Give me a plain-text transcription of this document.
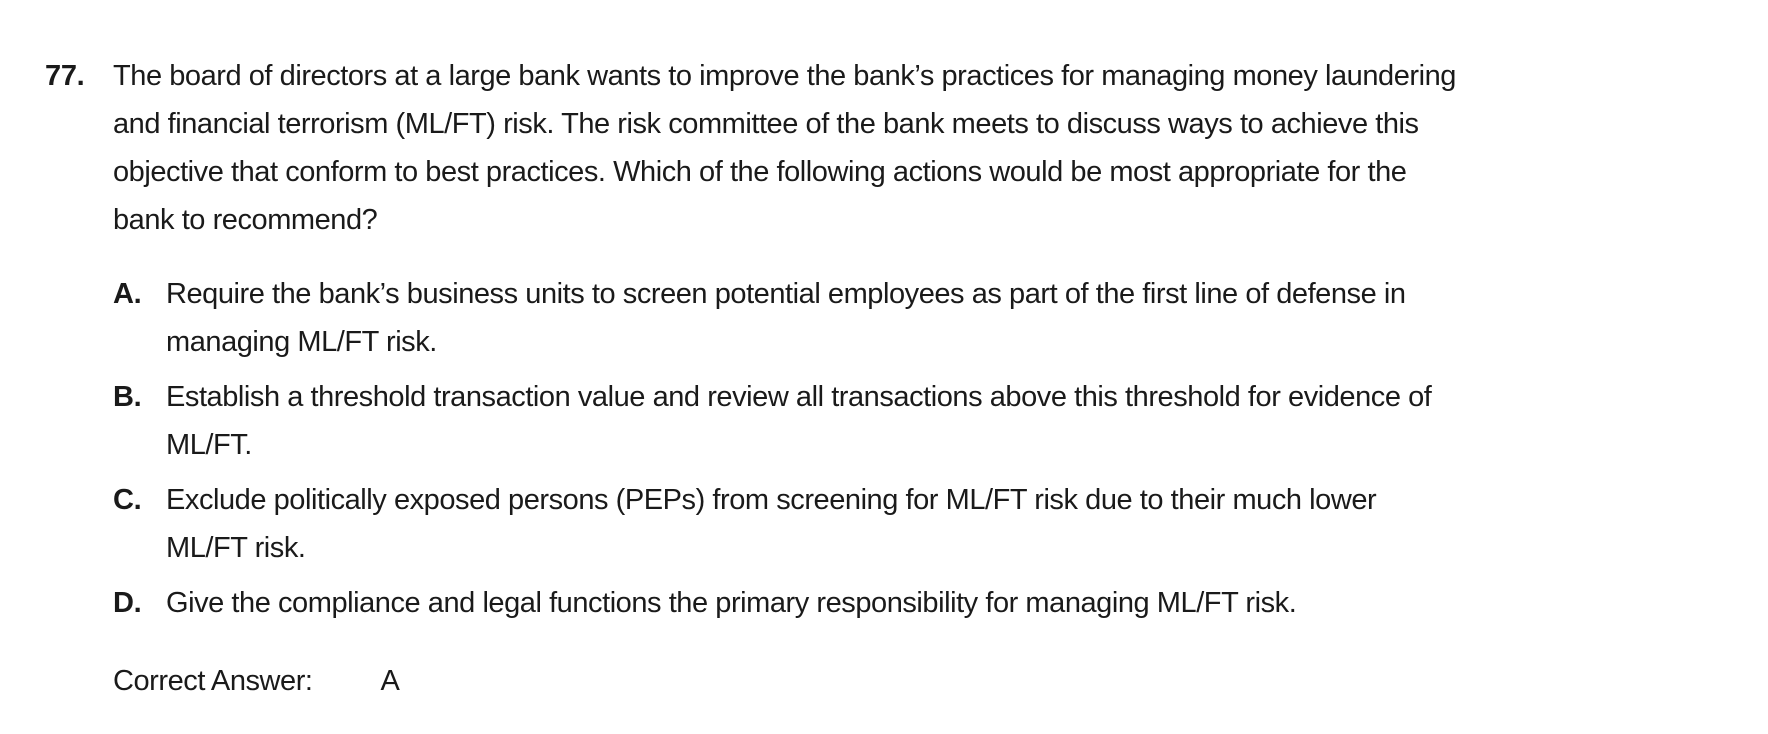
77. The board of directors at a large bank wants to improve the bank’s practices for managing money laundering and financial terrorism (ML/FT) risk. The risk committee of the bank meets to discuss ways to achieve this objective that conform to best practices. Which of the following actions would be most appropriate for the bank to recommend?
A. Require the bank’s business units to screen potential employees as part of the first line of defense in managing ML/FT risk.
B. Establish a threshold transaction value and review all transactions above this threshold for evidence of ML/FT.
C. Exclude politically exposed persons (PEPs) from screening for ML/FT risk due to their much lower ML/FT risk.
D. Give the compliance and legal functions the primary responsibility for managing ML/FT risk.
Correct Answer: A
